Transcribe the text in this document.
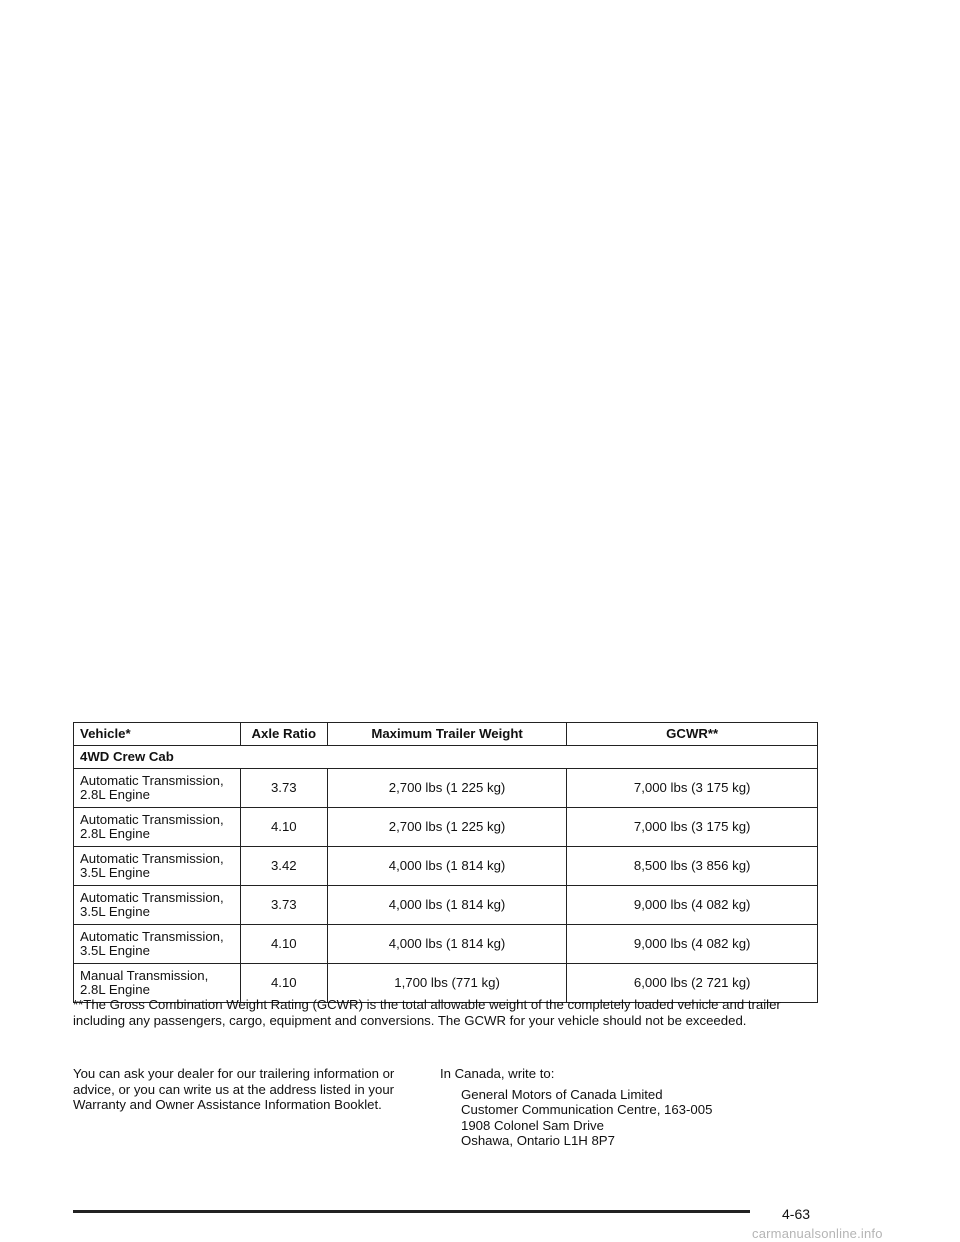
Vehicle*	Axle Ratio	Maximum Trailer Weight	GCWR**
4WD Crew Cab			

Automatic Transmission,
2.8L Engine	3.73	2,700 lbs (1 225 kg)	7,000 lbs (3 175 kg)

Automatic Transmission,
2.8L Engine	4.10	2,700 lbs (1 225 kg)	7,000 lbs (3 175 kg)

Automatic Transmission,
3.5L Engine	3.42	4,000 lbs (1 814 kg)	8,500 lbs (3 856 kg)

Automatic Transmission,
3.5L Engine	3.73	4,000 lbs (1 814 kg)	9,000 lbs (4 082 kg)

Automatic Transmission,
3.5L Engine	4.10	4,000 lbs (1 814 kg)	9,000 lbs (4 082 kg)

Manual Transmission,
2.8L Engine	4.10	1,700 lbs (771 kg)	6,000 lbs (2 721 kg)

**The Gross Combination Weight Rating (GCWR) is the total allowable weight of the completely loaded vehicle and trailer including any passengers, cargo, equipment and conversions. The GCWR for your vehicle should not be exceeded.

You can ask your dealer for our trailering information or advice, or you can write us at the address listed in your Warranty and Owner Assistance Information Booklet.

In Canada, write to:

General Motors of Canada Limited
Customer Communication Centre, 163-005
1908 Colonel Sam Drive
Oshawa, Ontario L1H 8P7
4-63
carmanualsonline.info
